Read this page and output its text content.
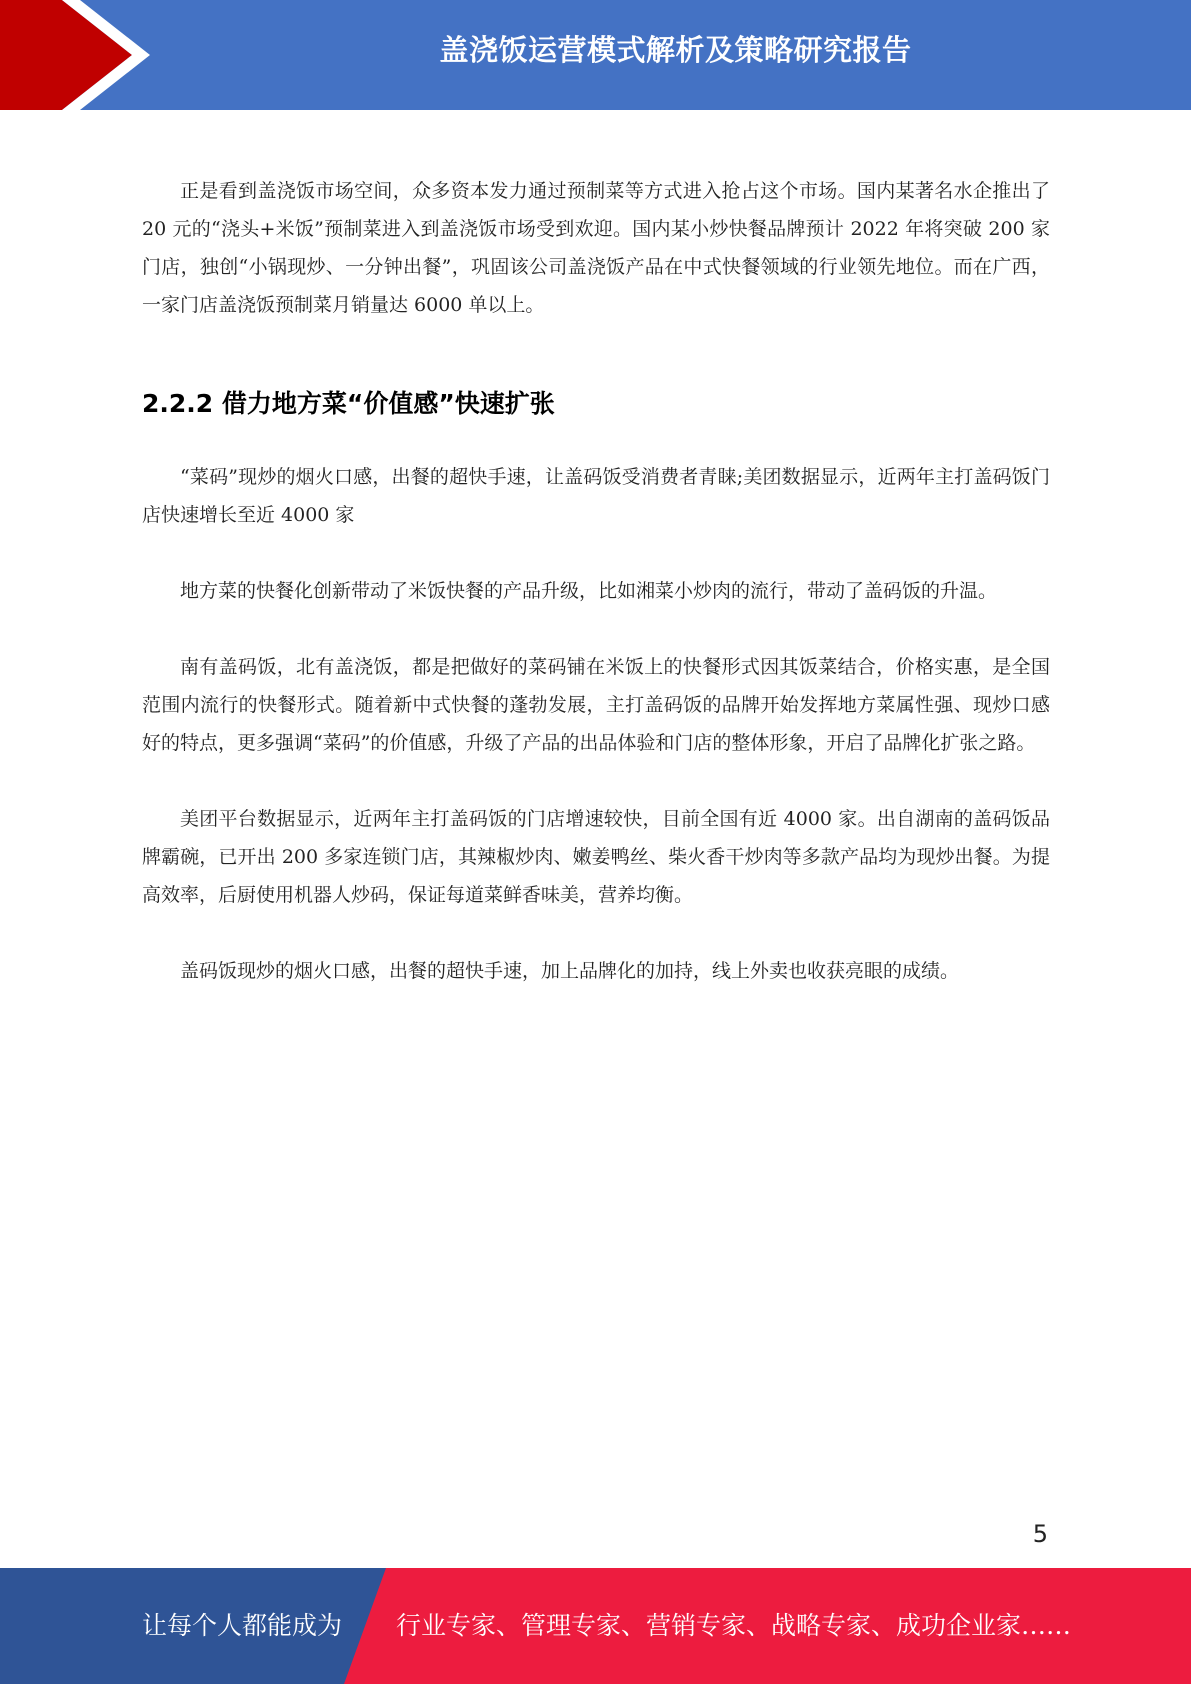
盖浇饭运营模式解析及策略研究报告

正是看到盖浇饭市场空间，众多资本发力通过预制菜等方式进入抢占这个市场。国内某著名水企推出了 20 元的“浇头+米饭”预制菜进入到盖浇饭市场受到欢迎。国内某小炒快餐品牌预计 2022 年将突破 200 家门店，独创“小锅现炒、一分钟出餐”，巩固该公司盖浇饭产品在中式快餐领域的行业领先地位。而在广西，一家门店盖浇饭预制菜月销量达 6000 单以上。

2.2.2 借力地方菜“价值感”快速扩张

“菜码”现炒的烟火口感，出餐的超快手速，让盖码饭受消费者青睐;美团数据显示，近两年主打盖码饭门店快速增长至近 4000 家

地方菜的快餐化创新带动了米饭快餐的产品升级，比如湘菜小炒肉的流行，带动了盖码饭的升温。

南有盖码饭，北有盖浇饭，都是把做好的菜码铺在米饭上的快餐形式因其饭菜结合，价格实惠，是全国范围内流行的快餐形式。随着新中式快餐的蓬勃发展，主打盖码饭的品牌开始发挥地方菜属性强、现炒口感好的特点，更多强调“菜码”的价值感，升级了产品的出品体验和门店的整体形象，开启了品牌化扩张之路。

美团平台数据显示，近两年主打盖码饭的门店增速较快，目前全国有近 4000 家。出自湖南的盖码饭品牌霸碗，已开出 200 多家连锁门店，其辣椒炒肉、嫩姜鸭丝、柴火香干炒肉等多款产品均为现炒出餐。为提高效率，后厨使用机器人炒码，保证每道菜鲜香味美，营养均衡。

盖码饭现炒的烟火口感，出餐的超快手速，加上品牌化的加持，线上外卖也收获亮眼的成绩。

5
让每个人都能成为 行业专家、管理专家、营销专家、战略专家、成功企业家……
